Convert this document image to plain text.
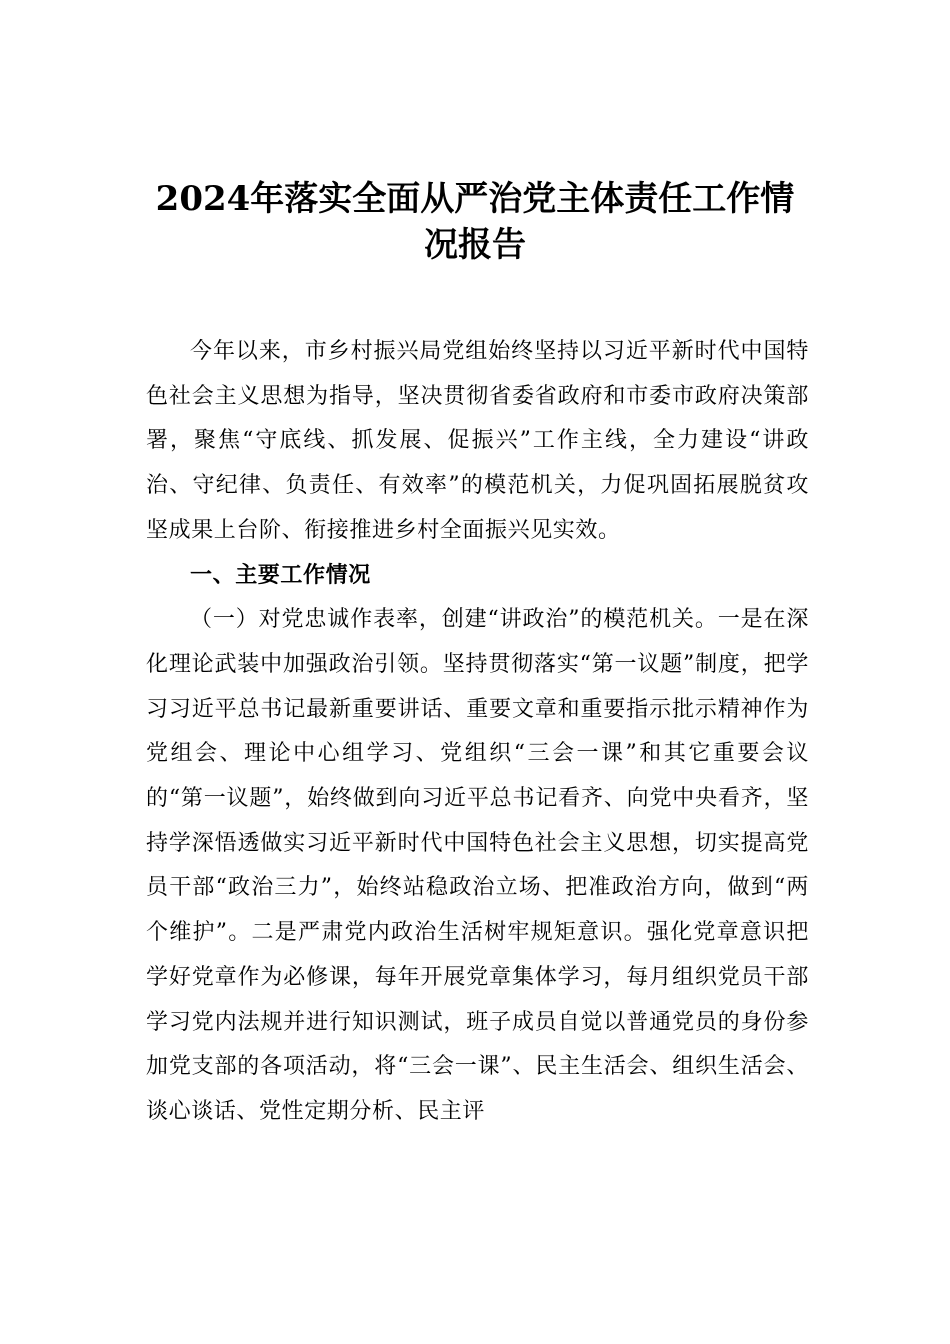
2024年落实全面从严治党主体责任工作情况报告

今年以来，市乡村振兴局党组始终坚持以习近平新时代中国特色社会主义思想为指导，坚决贯彻省委省政府和市委市政府决策部署，聚焦“守底线、抓发展、促振兴”工作主线，全力建设“讲政治、守纪律、负责任、有效率”的模范机关，力促巩固拓展脱贫攻坚成果上台阶、衔接推进乡村全面振兴见实效。

一、主要工作情况

（一）对党忠诚作表率，创建“讲政治”的模范机关。一是在深化理论武装中加强政治引领。坚持贯彻落实“第一议题”制度，把学习习近平总书记最新重要讲话、重要文章和重要指示批示精神作为党组会、理论中心组学习、党组织“三会一课”和其它重要会议的“第一议题”，始终做到向习近平总书记看齐、向党中央看齐，坚持学深悟透做实习近平新时代中国特色社会主义思想，切实提高党员干部“政治三力”，始终站稳政治立场、把准政治方向，做到“两个维护”。二是严肃党内政治生活树牢规矩意识。强化党章意识把学好党章作为必修课，每年开展党章集体学习，每月组织党员干部学习党内法规并进行知识测试，班子成员自觉以普通党员的身份参加党支部的各项活动，将“三会一课”、民主生活会、组织生活会、谈心谈话、党性定期分析、民主评
